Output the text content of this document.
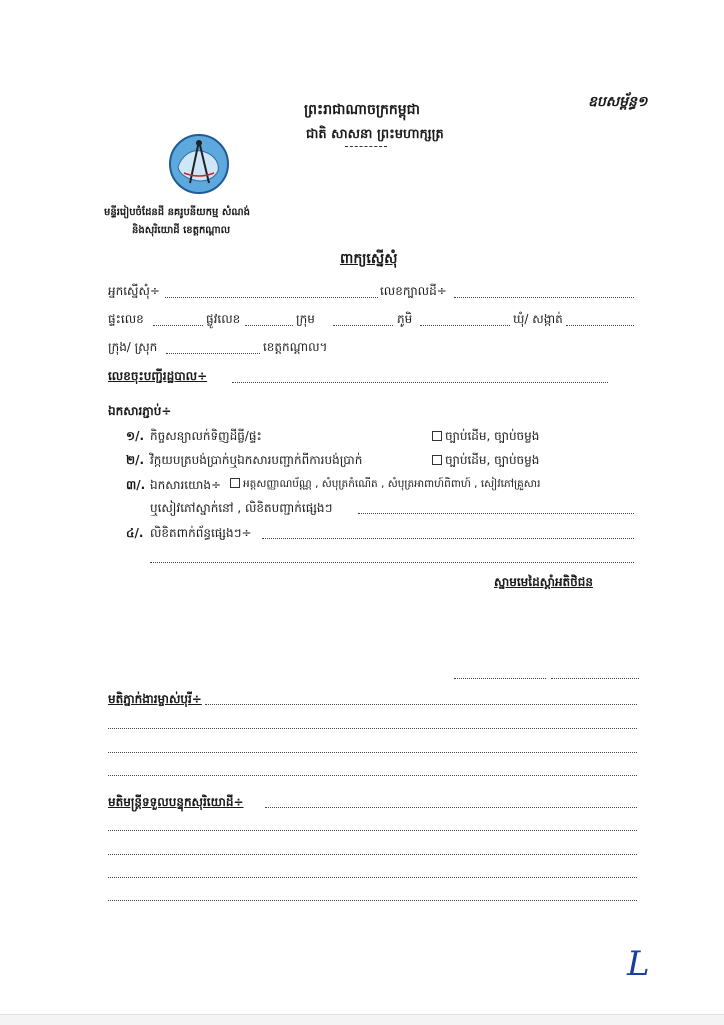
ឧបសម្ព័ន្ធ១
ព្រះរាជាណាចក្រកម្ពុជា
ជាតិ សាសនា ព្រះមហាក្សត្រ
មន្ទីររៀបចំដែនដី នគរូបនីយកម្ម សំណង់
និងសុរិយោដី ខេត្តកណ្ដាល
ពាក្យស្នើសុំ
អ្នកស្នើសុំ÷	លេខក្បាលដី÷
ផ្ទះលេខ	ផ្លូវលេខ	ក្រុម	ភូមិ	ឃុំ/ សង្កាត់
ក្រុង/ ស្រុក	ខេត្តកណ្ដាល។
លេខចុះបញ្ជីរដ្ឋបាល÷
ឯកសារភ្ជាប់÷
១/. កិច្ចសន្យាលក់ទិញដីធ្លី/ផ្ទះ	ច្បាប់ដើម, ច្បាប់ចម្លង
២/. វិក្កយបត្របង់ប្រាក់ឬឯកសារបញ្ជាក់ពីការបង់ប្រាក់	ច្បាប់ដើម, ច្បាប់ចម្លង
៣/. ឯកសារយោង÷	អត្តសញ្ញាណប័ណ្ណ , សំបុត្រកំណើត , សំបុត្រអាពាហ៍ពិពាហ៍ , សៀវភៅគ្រួសារ
ឬសៀវភៅស្នាក់នៅ , លិខិតបញ្ជាក់ផ្សេងៗ
៤/. លិខិតពាក់ព័ន្ធផ្សេងៗ÷
ស្នាមមេដៃស្ដាំអតិថិជន
មតិភ្នាក់ងារម្ចាស់បុរី÷
មតិមន្ត្រីទទួលបន្ទុកសុរិយោដី÷
L
